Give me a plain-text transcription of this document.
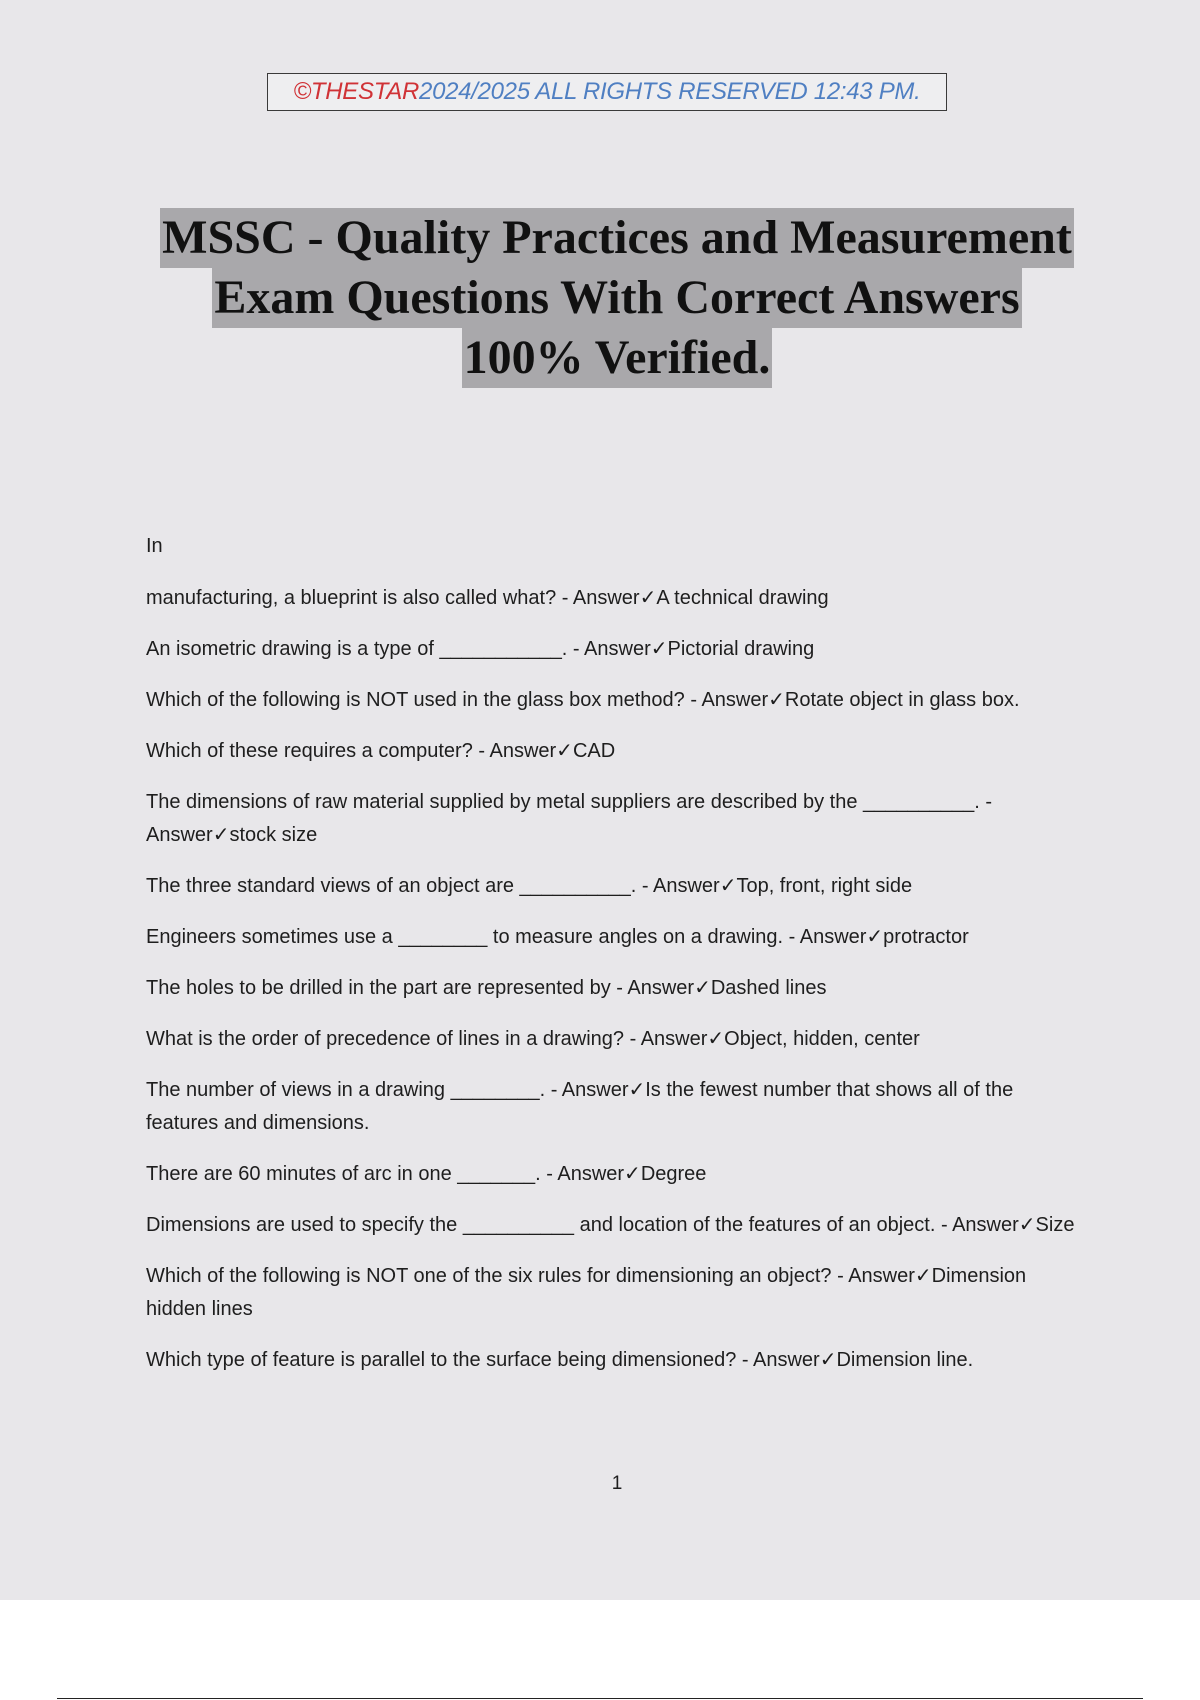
©THESTAR 2024/2025 ALL RIGHTS RESERVED 12:43 PM.
MSSC - Quality Practices and Measurement
Exam Questions With Correct Answers
100% Verified.

In

manufacturing, a blueprint is also called what? - Answer✓A technical drawing

An isometric drawing is a type of ___________. - Answer✓Pictorial drawing

Which of the following is NOT used in the glass box method? - Answer✓Rotate object in glass box.

Which of these requires a computer? - Answer✓CAD

The dimensions of raw material supplied by metal suppliers are described by the __________. - Answer✓stock size

The three standard views of an object are __________. - Answer✓Top, front, right side

Engineers sometimes use a ________ to measure angles on a drawing. - Answer✓protractor

The holes to be drilled in the part are represented by - Answer✓Dashed lines

What is the order of precedence of lines in a drawing? - Answer✓Object, hidden, center

The number of views in a drawing ________. - Answer✓Is the fewest number that shows all of the features and dimensions.

There are 60 minutes of arc in one _______. - Answer✓Degree

Dimensions are used to specify the __________ and location of the features of an object. - Answer✓Size

Which of the following is NOT one of the six rules for dimensioning an object? - Answer✓Dimension hidden lines

Which type of feature is parallel to the surface being dimensioned? - Answer✓Dimension line.

1
